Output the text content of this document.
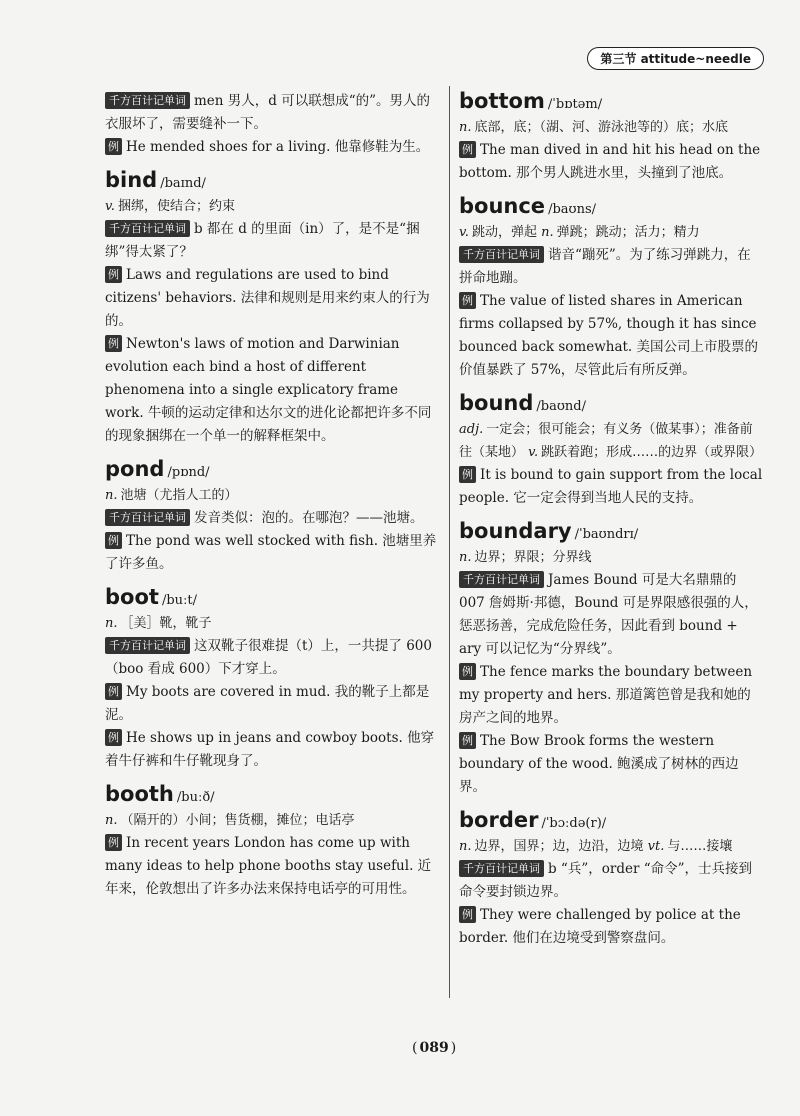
第三节 attitude~needle
千方百计记单词 men 男人，d 可以联想成“的”。男人的衣服坏了，需要缝补一下。
例 He mended shoes for a living. 他靠修鞋为生。
bind /baɪnd/
v. 捆绑，使结合；约束
千方百计记单词 b 都在 d 的里面（in）了，是不是“捆绑”得太紧了？
例 Laws and regulations are used to bind citizens' behaviors. 法律和规则是用来约束人的行为的。
例 Newton's laws of motion and Darwinian evolution each bind a host of different phenomena into a single explicatory frame work. 牛顿的运动定律和达尔文的进化论都把许多不同的现象捆绑在一个单一的解释框架中。
pond /pɒnd/
n. 池塘（尤指人工的）
千方百计记单词 发音类似：泡的。在哪泡？——池塘。
例 The pond was well stocked with fish. 池塘里养了许多鱼。
boot /buːt/
n. ［美］靴，靴子
千方百计记单词 这双靴子很难提（t）上，一共提了 600（boo 看成 600）下才穿上。
例 My boots are covered in mud. 我的靴子上都是泥。
例 He shows up in jeans and cowboy boots. 他穿着牛仔裤和牛仔靴现身了。
booth /buːð/
n. （隔开的）小间；售货棚，摊位；电话亭
例 In recent years London has come up with many ideas to help phone booths stay useful. 近年来，伦敦想出了许多办法来保持电话亭的可用性。
bottom /ˈbɒtəm/
n. 底部，底；（湖、河、游泳池等的）底；水底
例 The man dived in and hit his head on the bottom. 那个男人跳进水里，头撞到了池底。
bounce /baʊns/
v. 跳动，弹起 n. 弹跳；跳动；活力；精力
千方百计记单词 谐音“蹦死”。为了练习弹跳力，在拼命地蹦。
例 The value of listed shares in American firms collapsed by 57%, though it has since bounced back somewhat. 美国公司上市股票的价值暴跌了 57%，尽管此后有所反弹。
bound /baʊnd/
adj. 一定会；很可能会；有义务（做某事）；准备前往（某地） v. 跳跃着跑；形成……的边界（或界限）
例 It is bound to gain support from the local people. 它一定会得到当地人民的支持。
boundary /ˈbaʊndrɪ/
n. 边界；界限；分界线
千方百计记单词 James Bound 可是大名鼎鼎的 007 詹姆斯·邦德，Bound 可是界限感很强的人，惩恶扬善，完成危险任务，因此看到 bound + ary 可以记忆为“分界线”。
例 The fence marks the boundary between my property and hers. 那道篱笆曾是我和她的房产之间的地界。
例 The Bow Brook forms the western boundary of the wood. 鲍溪成了树林的西边界。
border /ˈbɔːdə(r)/
n. 边界，国界；边，边沿，边境 vt. 与……接壤
千方百计记单词 b “兵”，order “命令”，士兵接到命令要封锁边界。
例 They were challenged by police at the border. 他们在边境受到警察盘问。
( 089 )
